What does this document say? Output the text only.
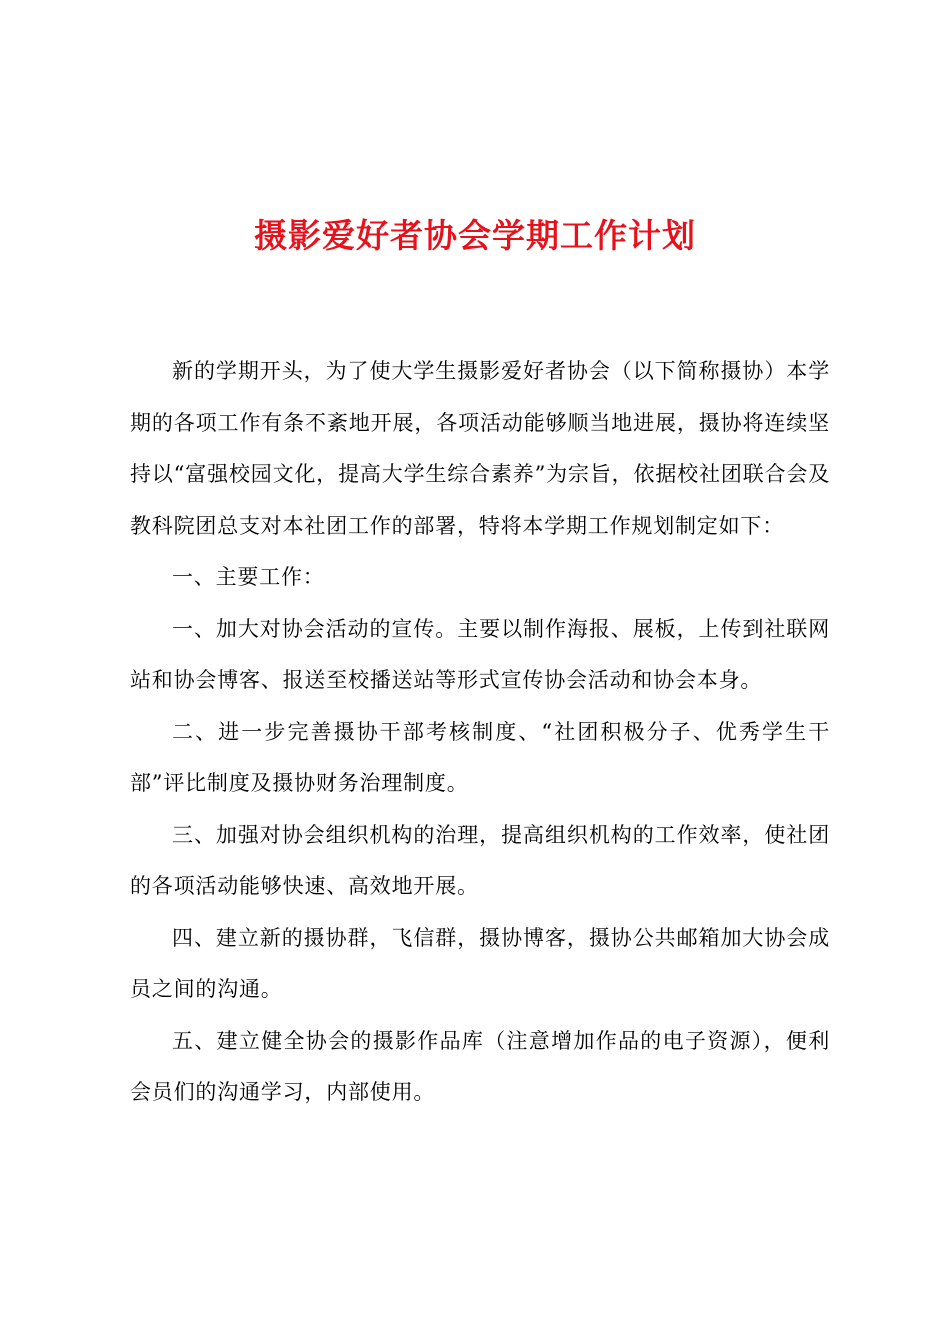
摄影爱好者协会学期工作计划

新的学期开头，为了使大学生摄影爱好者协会（以下简称摄协）本学期的各项工作有条不紊地开展，各项活动能够顺当地进展，摄协将连续坚持以“富强校园文化，提高大学生综合素养”为宗旨，依据校社团联合会及教科院团总支对本社团工作的部署，特将本学期工作规划制定如下：

一、主要工作：

一、加大对协会活动的宣传。主要以制作海报、展板，上传到社联网站和协会博客、报送至校播送站等形式宣传协会活动和协会本身。

二、进一步完善摄协干部考核制度、“社团积极分子、优秀学生干部”评比制度及摄协财务治理制度。

三、加强对协会组织机构的治理，提高组织机构的工作效率，使社团的各项活动能够快速、高效地开展。

四、建立新的摄协群，飞信群，摄协博客，摄协公共邮箱加大协会成员之间的沟通。

五、建立健全协会的摄影作品库（注意增加作品的电子资源），便利会员们的沟通学习，内部使用。
